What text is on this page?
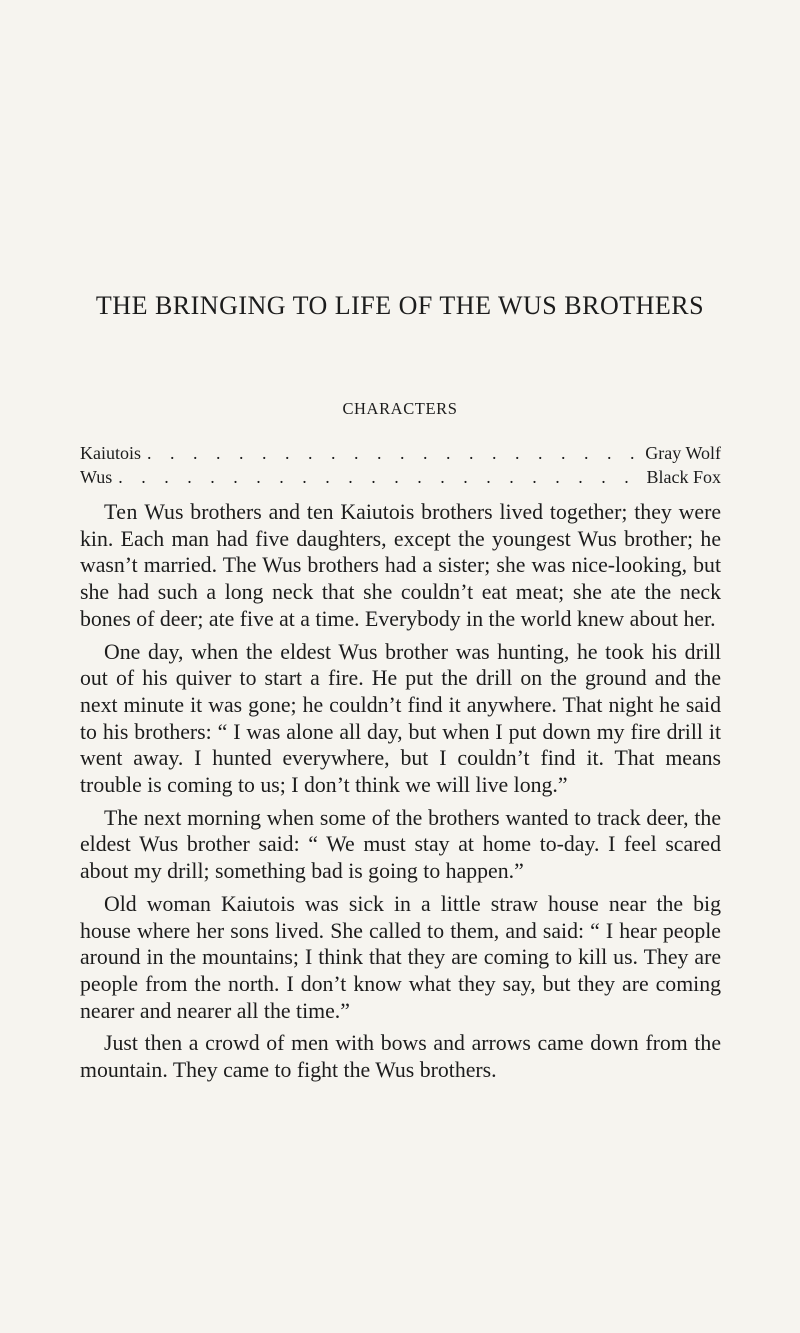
THE BRINGING TO LIFE OF THE WUS BROTHERS
CHARACTERS
Kaiutois . . .	Gray Wolf
Wus . . .	Black Fox

Ten Wus brothers and ten Kaiutois brothers lived together; they were kin. Each man had five daughters, except the youngest Wus brother; he wasn’t married. The Wus brothers had a sister; she was nice-looking, but she had such a long neck that she couldn’t eat meat; she ate the neck bones of deer; ate five at a time. Everybody in the world knew about her.

One day, when the eldest Wus brother was hunting, he took his drill out of his quiver to start a fire. He put the drill on the ground and the next minute it was gone; he couldn’t find it anywhere. That night he said to his brothers: “ I was alone all day, but when I put down my fire drill it went away. I hunted everywhere, but I couldn’t find it. That means trouble is coming to us; I don’t think we will live long.”

The next morning when some of the brothers wanted to track deer, the eldest Wus brother said: “ We must stay at home to-day. I feel scared about my drill; something bad is going to happen.”

Old woman Kaiutois was sick in a little straw house near the big house where her sons lived. She called to them, and said: “ I hear people around in the mountains; I think that they are coming to kill us. They are people from the north. I don’t know what they say, but they are coming nearer and nearer all the time.”

Just then a crowd of men with bows and arrows came down from the mountain. They came to fight the Wus brothers.
